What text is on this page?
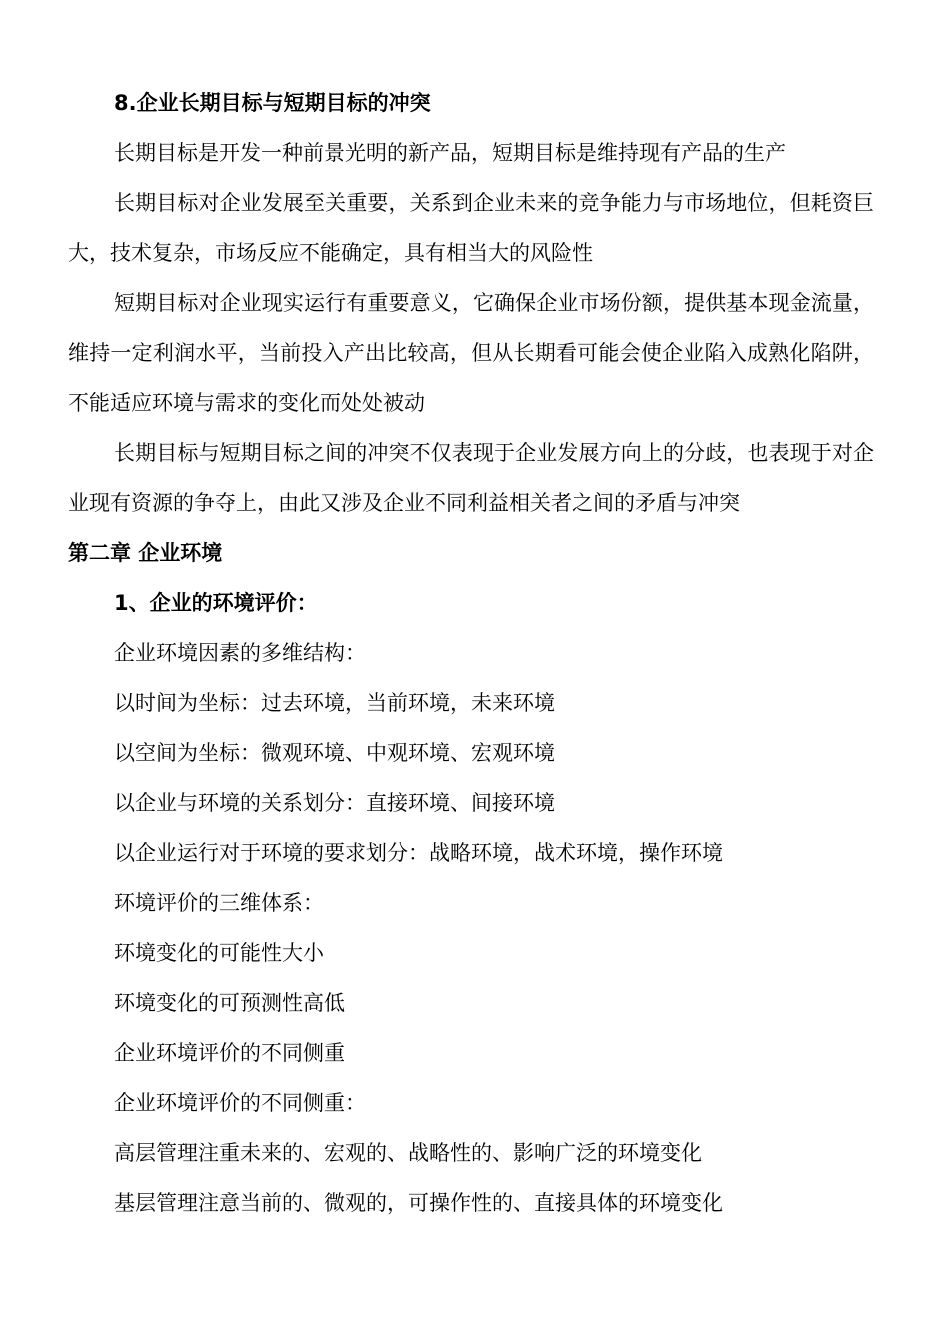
8.企业长期目标与短期目标的冲突
长期目标是开发一种前景光明的新产品，短期目标是维持现有产品的生产
长期目标对企业发展至关重要，关系到企业未来的竞争能力与市场地位，但耗资巨大，技术复杂，市场反应不能确定，具有相当大的风险性
短期目标对企业现实运行有重要意义，它确保企业市场份额，提供基本现金流量，维持一定利润水平，当前投入产出比较高，但从长期看可能会使企业陷入成熟化陷阱，不能适应环境与需求的变化而处处被动
长期目标与短期目标之间的冲突不仅表现于企业发展方向上的分歧，也表现于对企业现有资源的争夺上，由此又涉及企业不同利益相关者之间的矛盾与冲突
第二章 企业环境
1、企业的环境评价：
企业环境因素的多维结构：
以时间为坐标：过去环境，当前环境，未来环境
以空间为坐标：微观环境、中观环境、宏观环境
以企业与环境的关系划分：直接环境、间接环境
以企业运行对于环境的要求划分：战略环境，战术环境，操作环境
环境评价的三维体系：
环境变化的可能性大小
环境变化的可预测性高低
企业环境评价的不同侧重
企业环境评价的不同侧重：
高层管理注重未来的、宏观的、战略性的、影响广泛的环境变化
基层管理注意当前的、微观的，可操作性的、直接具体的环境变化
